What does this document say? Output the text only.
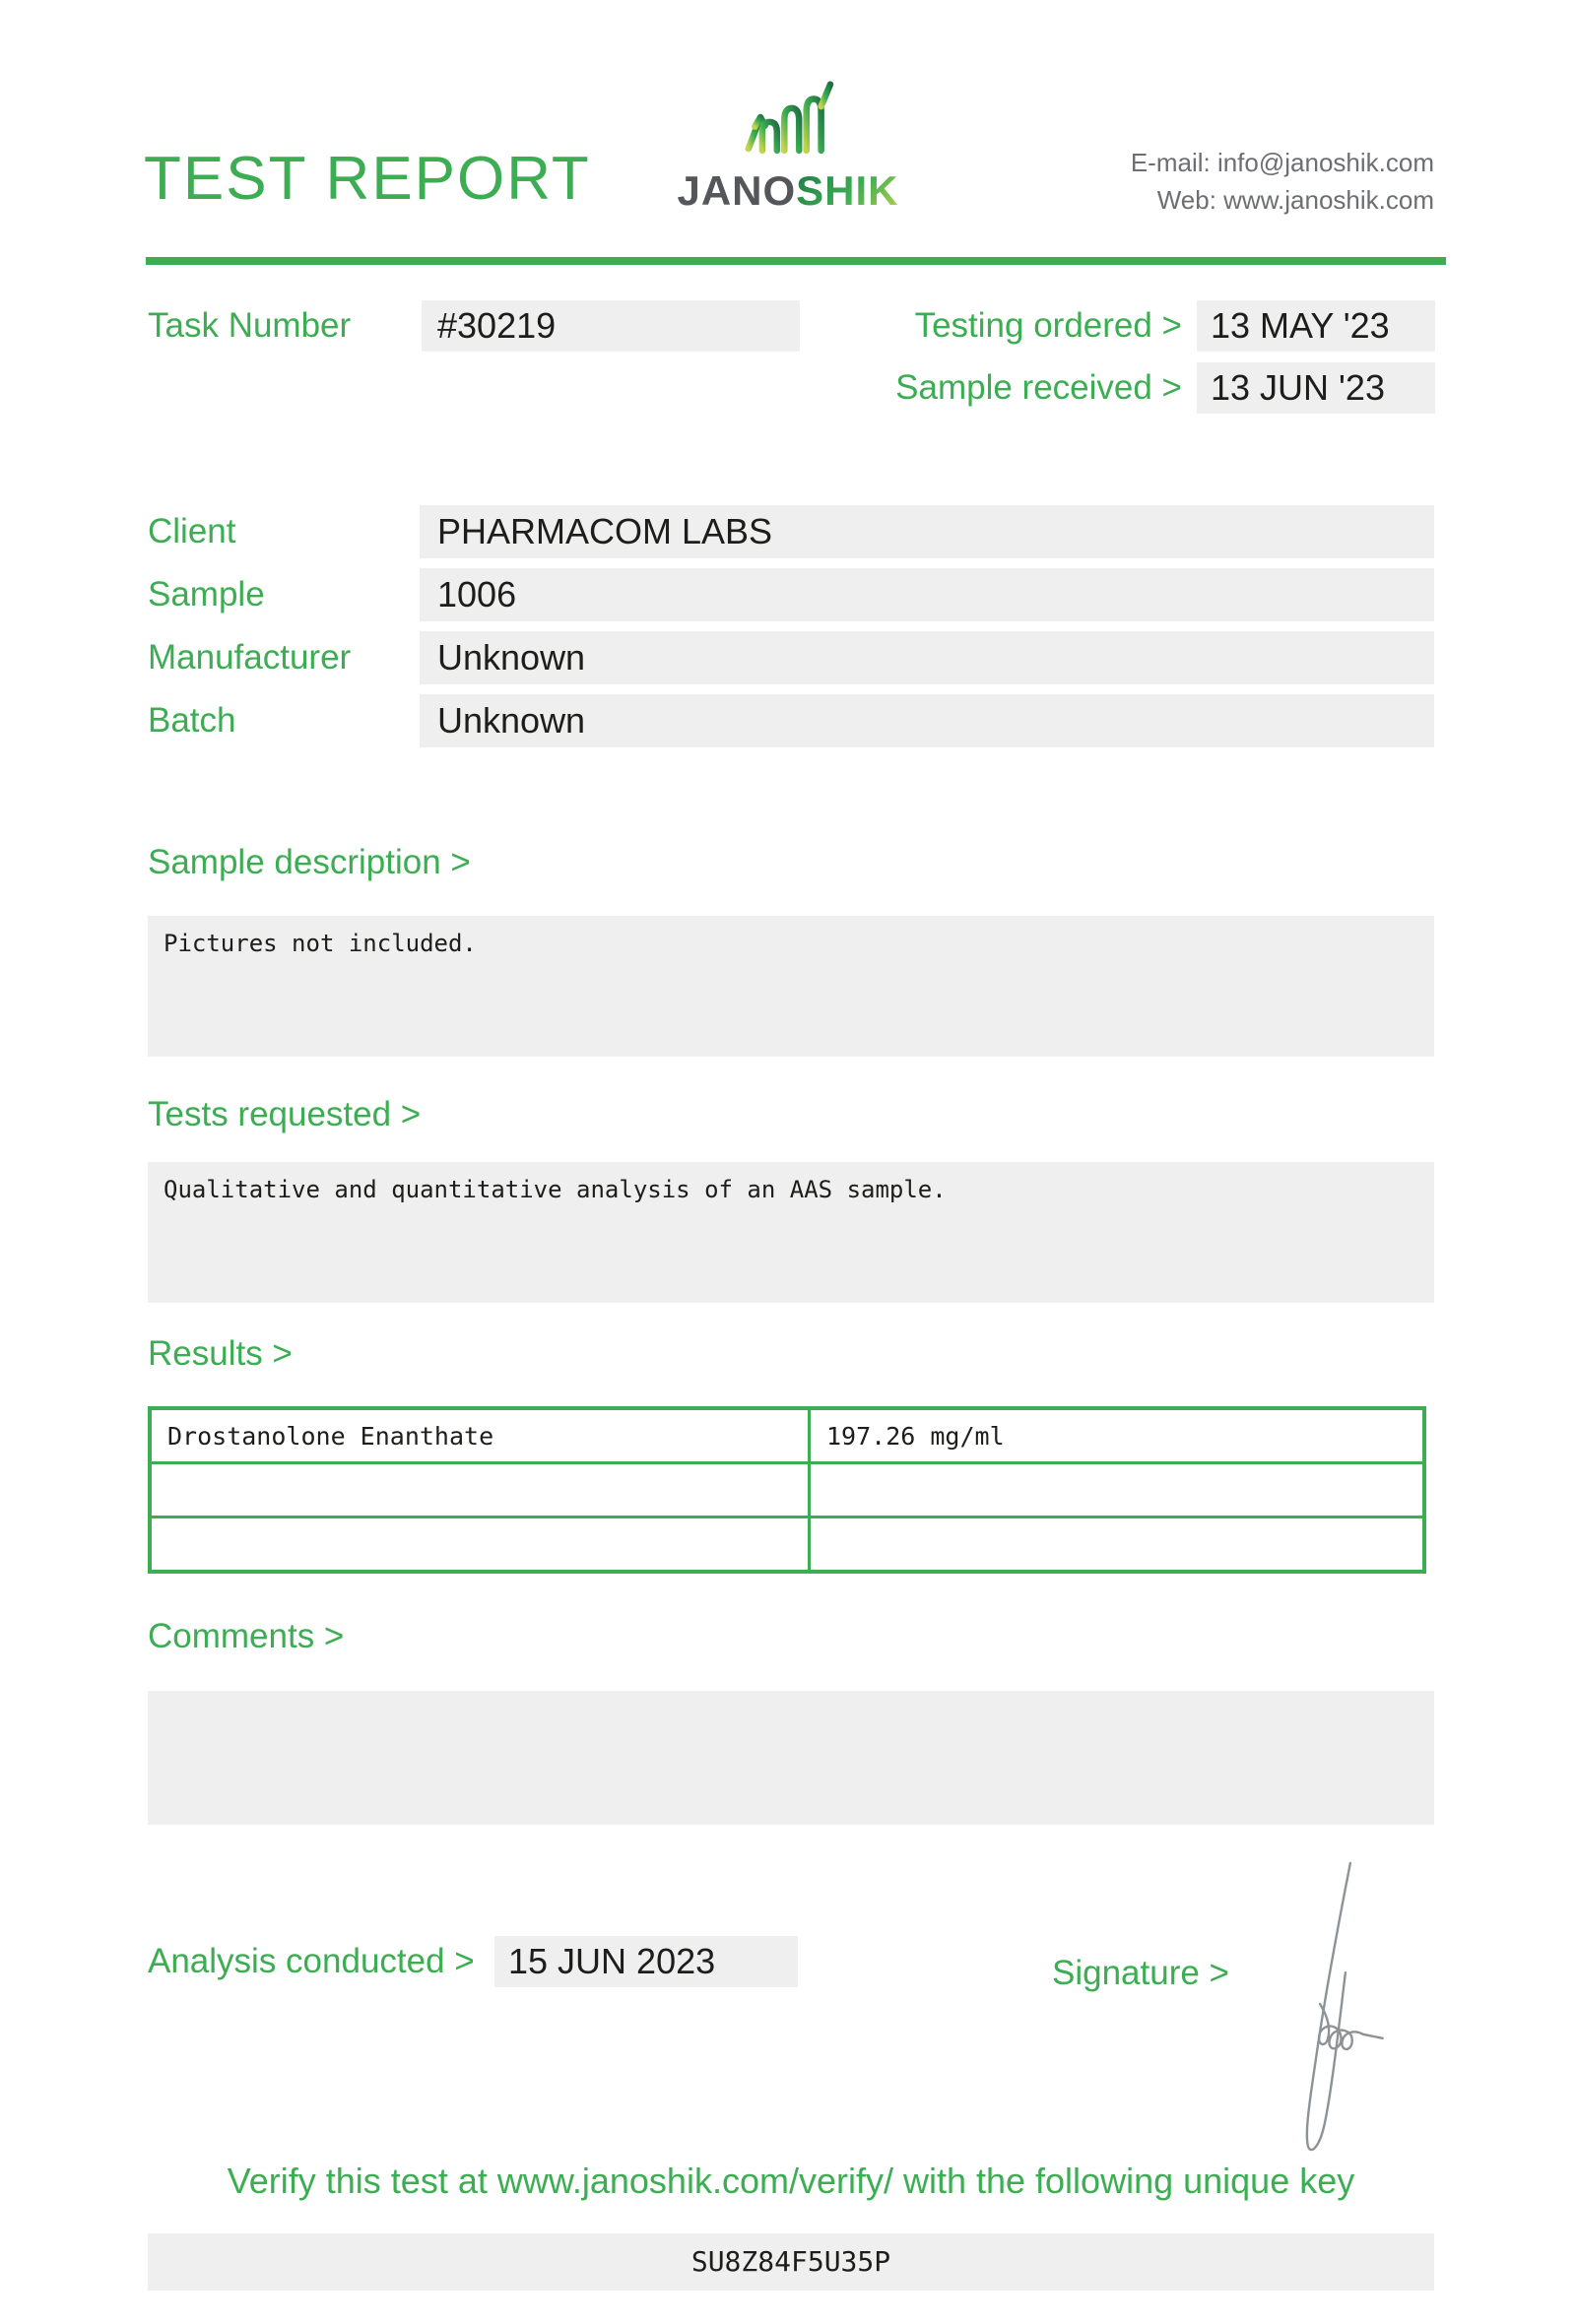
TEST REPORT	JANOSHIK
E-mail: info@janoshik.com
Web: www.janoshik.com
Task Number	#30219	Testing ordered > 13 MAY '23
Sample received > 13 JUN '23
Client	PHARMACOM LABS
Sample	1006
Manufacturer	Unknown
Batch	Unknown
Sample description >
Pictures not included.
Tests requested >
Qualitative and quantitative analysis of an AAS sample.
Results >
Drostanolone Enanthate	197.26 mg/ml

Comments >
Analysis conducted > 15 JUN 2023	Signature >
Verify this test at www.janoshik.com/verify/ with the following unique key
SU8Z84F5U35P
